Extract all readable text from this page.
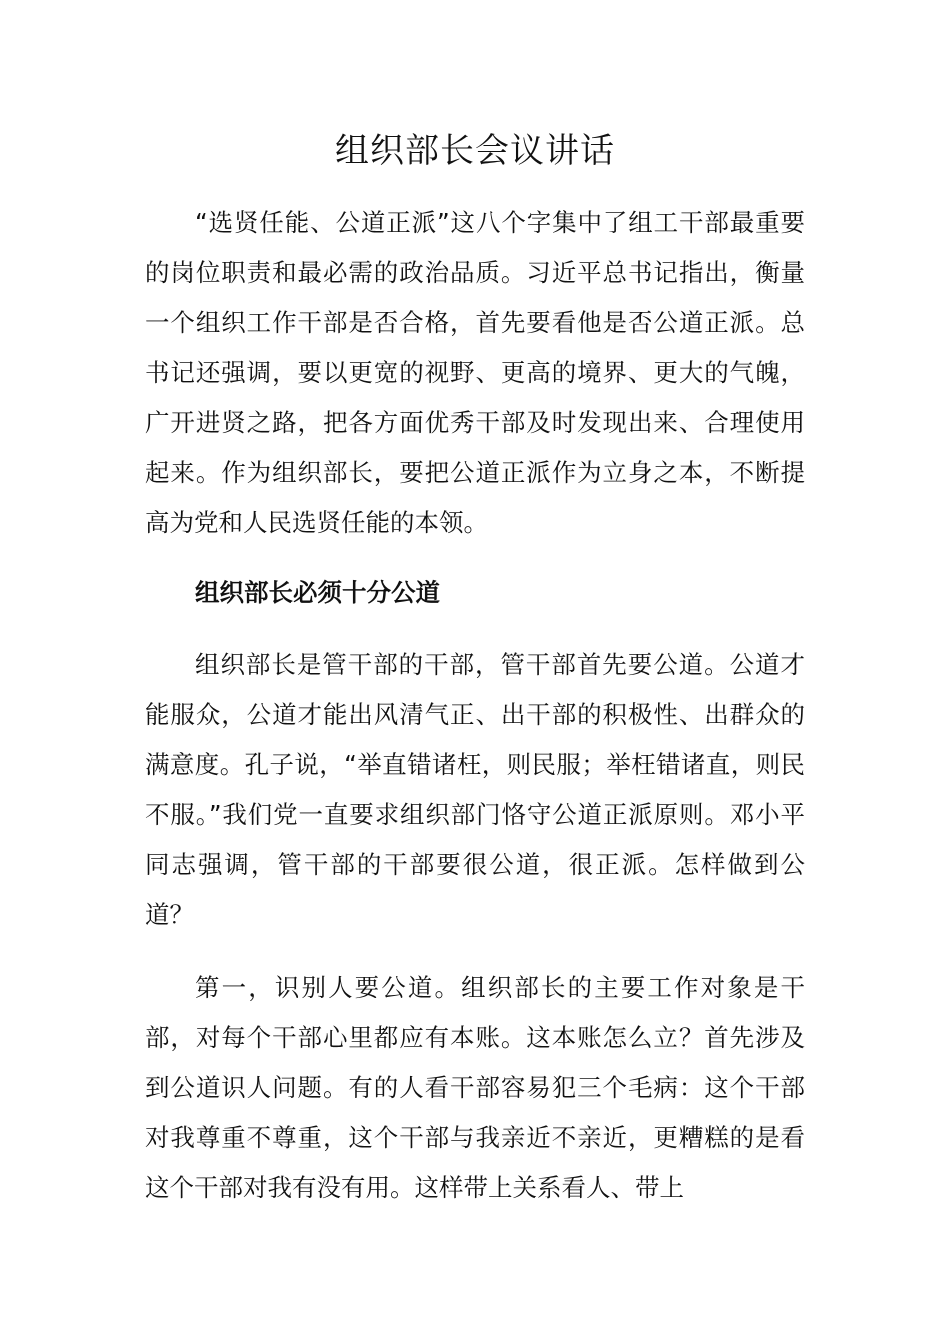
组织部长会议讲话

“选贤任能、公道正派”这八个字集中了组工干部最重要的岗位职责和最必需的政治品质。习近平总书记指出，衡量一个组织工作干部是否合格，首先要看他是否公道正派。总书记还强调，要以更宽的视野、更高的境界、更大的气魄，广开进贤之路，把各方面优秀干部及时发现出来、合理使用起来。作为组织部长，要把公道正派作为立身之本，不断提高为党和人民选贤任能的本领。

组织部长必须十分公道

组织部长是管干部的干部，管干部首先要公道。公道才能服众，公道才能出风清气正、出干部的积极性、出群众的满意度。孔子说，“举直错诸枉，则民服；举枉错诸直，则民不服。”我们党一直要求组织部门恪守公道正派原则。邓小平同志强调，管干部的干部要很公道，很正派。怎样做到公道？

第一，识别人要公道。组织部长的主要工作对象是干部，对每个干部心里都应有本账。这本账怎么立？首先涉及到公道识人问题。有的人看干部容易犯三个毛病：这个干部对我尊重不尊重，这个干部与我亲近不亲近，更糟糕的是看这个干部对我有没有用。这样带上关系看人、带上
